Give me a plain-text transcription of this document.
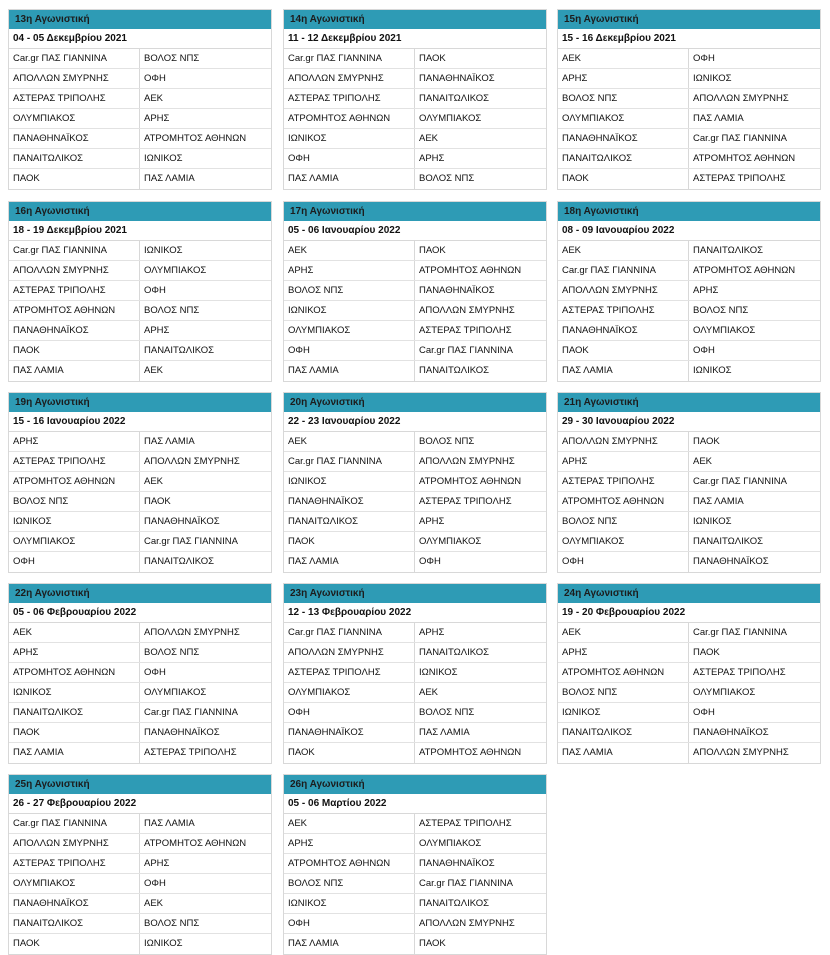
13η Αγωνιστική
04 - 05 Δεκεμβρίου 2021
Car.gr ΠΑΣ ΓΙΑΝΝΙΝΑ	ΒΟΛΟΣ ΝΠΣ
ΑΠΟΛΛΩΝ ΣΜΥΡΝΗΣ	ΟΦΗ
ΑΣΤΕΡΑΣ ΤΡΙΠΟΛΗΣ	ΑΕΚ
ΟΛΥΜΠΙΑΚΟΣ	ΑΡΗΣ
ΠΑΝΑΘΗΝΑΪΚΟΣ	ΑΤΡΟΜΗΤΟΣ ΑΘΗΝΩΝ
ΠΑΝΑΙΤΩΛΙΚΟΣ	ΙΩΝΙΚΟΣ
ΠΑΟΚ	ΠΑΣ ΛΑΜΙΑ
14η Αγωνιστική
11 - 12 Δεκεμβρίου 2021
Car.gr ΠΑΣ ΓΙΑΝΝΙΝΑ	ΠΑΟΚ
ΑΠΟΛΛΩΝ ΣΜΥΡΝΗΣ	ΠΑΝΑΘΗΝΑΪΚΟΣ
ΑΣΤΕΡΑΣ ΤΡΙΠΟΛΗΣ	ΠΑΝΑΙΤΩΛΙΚΟΣ
ΑΤΡΟΜΗΤΟΣ ΑΘΗΝΩΝ	ΟΛΥΜΠΙΑΚΟΣ
ΙΩΝΙΚΟΣ	ΑΕΚ
ΟΦΗ	ΑΡΗΣ
ΠΑΣ ΛΑΜΙΑ	ΒΟΛΟΣ ΝΠΣ
15η Αγωνιστική
15 - 16 Δεκεμβρίου 2021
ΑΕΚ	ΟΦΗ
ΑΡΗΣ	ΙΩΝΙΚΟΣ
ΒΟΛΟΣ ΝΠΣ	ΑΠΟΛΛΩΝ ΣΜΥΡΝΗΣ
ΟΛΥΜΠΙΑΚΟΣ	ΠΑΣ ΛΑΜΙΑ
ΠΑΝΑΘΗΝΑΪΚΟΣ	Car.gr ΠΑΣ ΓΙΑΝΝΙΝΑ
ΠΑΝΑΙΤΩΛΙΚΟΣ	ΑΤΡΟΜΗΤΟΣ ΑΘΗΝΩΝ
ΠΑΟΚ	ΑΣΤΕΡΑΣ ΤΡΙΠΟΛΗΣ
16η Αγωνιστική
18 - 19 Δεκεμβρίου 2021
Car.gr ΠΑΣ ΓΙΑΝΝΙΝΑ	ΙΩΝΙΚΟΣ
ΑΠΟΛΛΩΝ ΣΜΥΡΝΗΣ	ΟΛΥΜΠΙΑΚΟΣ
ΑΣΤΕΡΑΣ ΤΡΙΠΟΛΗΣ	ΟΦΗ
ΑΤΡΟΜΗΤΟΣ ΑΘΗΝΩΝ	ΒΟΛΟΣ ΝΠΣ
ΠΑΝΑΘΗΝΑΪΚΟΣ	ΑΡΗΣ
ΠΑΟΚ	ΠΑΝΑΙΤΩΛΙΚΟΣ
ΠΑΣ ΛΑΜΙΑ	ΑΕΚ
17η Αγωνιστική
05 - 06 Ιανουαρίου 2022
ΑΕΚ	ΠΑΟΚ
ΑΡΗΣ	ΑΤΡΟΜΗΤΟΣ ΑΘΗΝΩΝ
ΒΟΛΟΣ ΝΠΣ	ΠΑΝΑΘΗΝΑΪΚΟΣ
ΙΩΝΙΚΟΣ	ΑΠΟΛΛΩΝ ΣΜΥΡΝΗΣ
ΟΛΥΜΠΙΑΚΟΣ	ΑΣΤΕΡΑΣ ΤΡΙΠΟΛΗΣ
ΟΦΗ	Car.gr ΠΑΣ ΓΙΑΝΝΙΝΑ
ΠΑΣ ΛΑΜΙΑ	ΠΑΝΑΙΤΩΛΙΚΟΣ
18η Αγωνιστική
08 - 09 Ιανουαρίου 2022
ΑΕΚ	ΠΑΝΑΙΤΩΛΙΚΟΣ
Car.gr ΠΑΣ ΓΙΑΝΝΙΝΑ	ΑΤΡΟΜΗΤΟΣ ΑΘΗΝΩΝ
ΑΠΟΛΛΩΝ ΣΜΥΡΝΗΣ	ΑΡΗΣ
ΑΣΤΕΡΑΣ ΤΡΙΠΟΛΗΣ	ΒΟΛΟΣ ΝΠΣ
ΠΑΝΑΘΗΝΑΪΚΟΣ	ΟΛΥΜΠΙΑΚΟΣ
ΠΑΟΚ	ΟΦΗ
ΠΑΣ ΛΑΜΙΑ	ΙΩΝΙΚΟΣ
19η Αγωνιστική
15 - 16 Ιανουαρίου 2022
ΑΡΗΣ	ΠΑΣ ΛΑΜΙΑ
ΑΣΤΕΡΑΣ ΤΡΙΠΟΛΗΣ	ΑΠΟΛΛΩΝ ΣΜΥΡΝΗΣ
ΑΤΡΟΜΗΤΟΣ ΑΘΗΝΩΝ	ΑΕΚ
ΒΟΛΟΣ ΝΠΣ	ΠΑΟΚ
ΙΩΝΙΚΟΣ	ΠΑΝΑΘΗΝΑΪΚΟΣ
ΟΛΥΜΠΙΑΚΟΣ	Car.gr ΠΑΣ ΓΙΑΝΝΙΝΑ
ΟΦΗ	ΠΑΝΑΙΤΩΛΙΚΟΣ
20η Αγωνιστική
22 - 23 Ιανουαρίου 2022
ΑΕΚ	ΒΟΛΟΣ ΝΠΣ
Car.gr ΠΑΣ ΓΙΑΝΝΙΝΑ	ΑΠΟΛΛΩΝ ΣΜΥΡΝΗΣ
ΙΩΝΙΚΟΣ	ΑΤΡΟΜΗΤΟΣ ΑΘΗΝΩΝ
ΠΑΝΑΘΗΝΑΪΚΟΣ	ΑΣΤΕΡΑΣ ΤΡΙΠΟΛΗΣ
ΠΑΝΑΙΤΩΛΙΚΟΣ	ΑΡΗΣ
ΠΑΟΚ	ΟΛΥΜΠΙΑΚΟΣ
ΠΑΣ ΛΑΜΙΑ	ΟΦΗ
21η Αγωνιστική
29 - 30 Ιανουαρίου 2022
ΑΠΟΛΛΩΝ ΣΜΥΡΝΗΣ	ΠΑΟΚ
ΑΡΗΣ	ΑΕΚ
ΑΣΤΕΡΑΣ ΤΡΙΠΟΛΗΣ	Car.gr ΠΑΣ ΓΙΑΝΝΙΝΑ
ΑΤΡΟΜΗΤΟΣ ΑΘΗΝΩΝ	ΠΑΣ ΛΑΜΙΑ
ΒΟΛΟΣ ΝΠΣ	ΙΩΝΙΚΟΣ
ΟΛΥΜΠΙΑΚΟΣ	ΠΑΝΑΙΤΩΛΙΚΟΣ
ΟΦΗ	ΠΑΝΑΘΗΝΑΪΚΟΣ
22η Αγωνιστική
05 - 06 Φεβρουαρίου 2022
ΑΕΚ	ΑΠΟΛΛΩΝ ΣΜΥΡΝΗΣ
ΑΡΗΣ	ΒΟΛΟΣ ΝΠΣ
ΑΤΡΟΜΗΤΟΣ ΑΘΗΝΩΝ	ΟΦΗ
ΙΩΝΙΚΟΣ	ΟΛΥΜΠΙΑΚΟΣ
ΠΑΝΑΙΤΩΛΙΚΟΣ	Car.gr ΠΑΣ ΓΙΑΝΝΙΝΑ
ΠΑΟΚ	ΠΑΝΑΘΗΝΑΪΚΟΣ
ΠΑΣ ΛΑΜΙΑ	ΑΣΤΕΡΑΣ ΤΡΙΠΟΛΗΣ
23η Αγωνιστική
12 - 13 Φεβρουαρίου 2022
Car.gr ΠΑΣ ΓΙΑΝΝΙΝΑ	ΑΡΗΣ
ΑΠΟΛΛΩΝ ΣΜΥΡΝΗΣ	ΠΑΝΑΙΤΩΛΙΚΟΣ
ΑΣΤΕΡΑΣ ΤΡΙΠΟΛΗΣ	ΙΩΝΙΚΟΣ
ΟΛΥΜΠΙΑΚΟΣ	ΑΕΚ
ΟΦΗ	ΒΟΛΟΣ ΝΠΣ
ΠΑΝΑΘΗΝΑΪΚΟΣ	ΠΑΣ ΛΑΜΙΑ
ΠΑΟΚ	ΑΤΡΟΜΗΤΟΣ ΑΘΗΝΩΝ
24η Αγωνιστική
19 - 20 Φεβρουαρίου 2022
ΑΕΚ	Car.gr ΠΑΣ ΓΙΑΝΝΙΝΑ
ΑΡΗΣ	ΠΑΟΚ
ΑΤΡΟΜΗΤΟΣ ΑΘΗΝΩΝ	ΑΣΤΕΡΑΣ ΤΡΙΠΟΛΗΣ
ΒΟΛΟΣ ΝΠΣ	ΟΛΥΜΠΙΑΚΟΣ
ΙΩΝΙΚΟΣ	ΟΦΗ
ΠΑΝΑΙΤΩΛΙΚΟΣ	ΠΑΝΑΘΗΝΑΪΚΟΣ
ΠΑΣ ΛΑΜΙΑ	ΑΠΟΛΛΩΝ ΣΜΥΡΝΗΣ
25η Αγωνιστική
26 - 27 Φεβρουαρίου 2022
Car.gr ΠΑΣ ΓΙΑΝΝΙΝΑ	ΠΑΣ ΛΑΜΙΑ
ΑΠΟΛΛΩΝ ΣΜΥΡΝΗΣ	ΑΤΡΟΜΗΤΟΣ ΑΘΗΝΩΝ
ΑΣΤΕΡΑΣ ΤΡΙΠΟΛΗΣ	ΑΡΗΣ
ΟΛΥΜΠΙΑΚΟΣ	ΟΦΗ
ΠΑΝΑΘΗΝΑΪΚΟΣ	ΑΕΚ
ΠΑΝΑΙΤΩΛΙΚΟΣ	ΒΟΛΟΣ ΝΠΣ
ΠΑΟΚ	ΙΩΝΙΚΟΣ
26η Αγωνιστική
05 - 06 Μαρτίου 2022
ΑΕΚ	ΑΣΤΕΡΑΣ ΤΡΙΠΟΛΗΣ
ΑΡΗΣ	ΟΛΥΜΠΙΑΚΟΣ
ΑΤΡΟΜΗΤΟΣ ΑΘΗΝΩΝ	ΠΑΝΑΘΗΝΑΪΚΟΣ
ΒΟΛΟΣ ΝΠΣ	Car.gr ΠΑΣ ΓΙΑΝΝΙΝΑ
ΙΩΝΙΚΟΣ	ΠΑΝΑΙΤΩΛΙΚΟΣ
ΟΦΗ	ΑΠΟΛΛΩΝ ΣΜΥΡΝΗΣ
ΠΑΣ ΛΑΜΙΑ	ΠΑΟΚ
